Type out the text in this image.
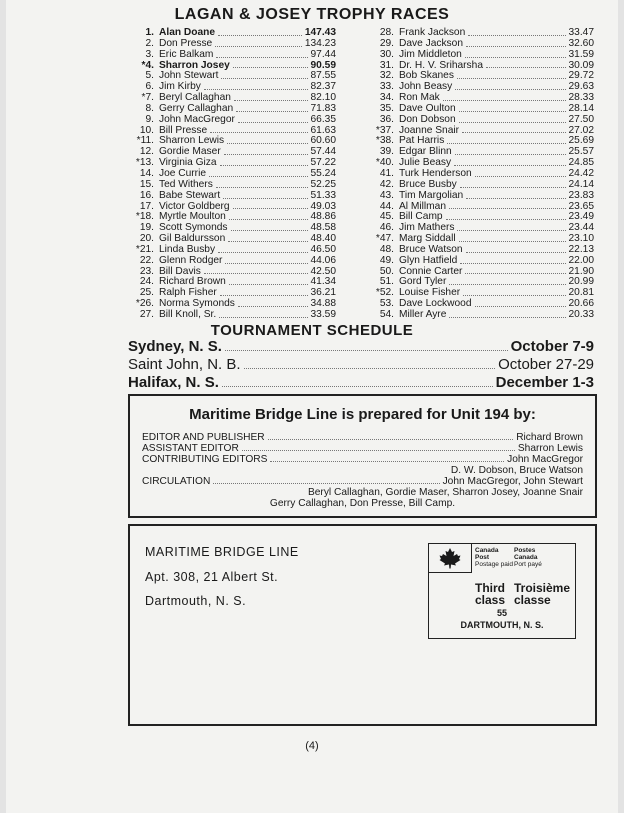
LAGAN & JOSEY TROPHY RACES
1. Alan Doane	147.43
2. Don Presse	134.23
3. Eric Balkam	97.44
*4. Sharron Josey	90.59
5. John Stewart	87.55
6. Jim Kirby	82.37
*7. Beryl Callaghan	82.10
8. Gerry Callaghan	71.83
9. John MacGregor	66.35
10. Bill Presse	61.63
*11. Sharron Lewis	60.60
12. Gordie Maser	57.44
*13. Virginia Giza	57.22
14. Joe Currie	55.24
15. Ted Withers	52.25
16. Babe Stewart	51.33
17. Victor Goldberg	49.03
*18. Myrtle Moulton	48.86
19. Scott Symonds	48.58
20. Gil Baldursson	48.40
*21. Linda Busby	46.50
22. Glenn Rodger	44.06
23. Bill Davis	42.50
24. Richard Brown	41.34
25. Ralph Fisher	36.21
*26. Norma Symonds	34.88
27. Bill Knoll, Sr.	33.59
28. Frank Jackson	33.47
29. Dave Jackson	32.60
30. Jim Middleton	31.59
31. Dr. H. V. Sriharsha	30.09
32. Bob Skanes	29.72
33. John Beasy	29.63
34. Ron Mak	28.33
35. Dave Oulton	28.14
36. Don Dobson	27.50
*37. Joanne Snair	27.02
*38. Pat Harris	25.69
39. Edgar Blinn	25.57
*40. Julie Beasy	24.85
41. Turk Henderson	24.42
42. Bruce Busby	24.14
43. Tim Margolian	23.83
44. Al Millman	23.65
45. Bill Camp	23.49
46. Jim Mathers	23.44
*47. Marg Siddall	23.10
48. Bruce Watson	22.13
49. Glyn Hatfield	22.00
50. Connie Carter	21.90
51. Gord Tyler	20.99
*52. Louise Fisher	20.81
53. Dave Lockwood	20.66
54. Miller Ayre	20.33
TOURNAMENT SCHEDULE
Sydney, N. S.	October 7-9
Saint John, N. B.	October 27-29
Halifax, N. S.	December 1-3
Maritime Bridge Line is prepared for Unit 194 by:
EDITOR AND PUBLISHER	Richard Brown
ASSISTANT EDITOR	Sharron Lewis
CONTRIBUTING EDITORS	John MacGregor
D. W. Dobson, Bruce Watson
CIRCULATION	John MacGregor, John Stewart
Beryl Callaghan, Gordie Maser, Sharron Josey, Joanne Snair
Gerry Callaghan, Don Presse, Bill Camp.
MARITIME BRIDGE LINE
Apt. 308, 21 Albert St.
Dartmouth, N. S.
Canada
Post
Postage paid
Postes
Canada
Port payé
Third
class
Troisième
classe
55
DARTMOUTH, N. S.
(4)
